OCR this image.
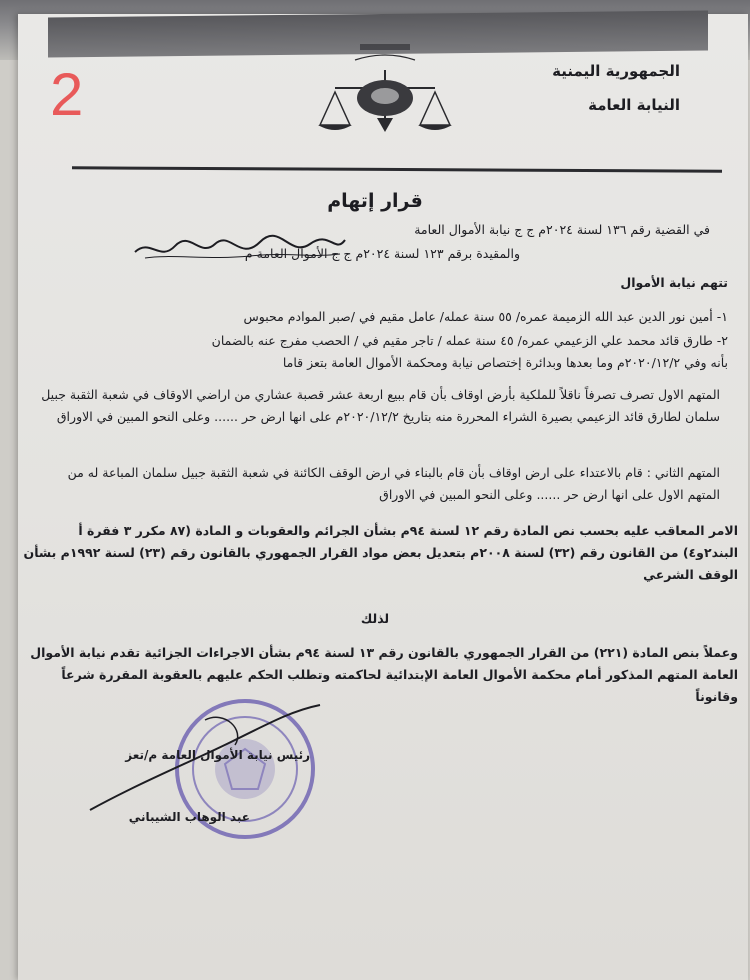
2	الجمهورية اليمنية
النيابة العامة
قرار إتهام
في القضية رقم ١٣٦ لسنة ٢٠٢٤م ج ج نيابة الأموال العامة
والمقيدة برقم ١٢٣ لسنة ٢٠٢٤م ج ج الأموال العامة م
تتهم نيابة الأموال
١- أمين نور الدين عبد الله الزميمة عمره/ ٥٥ سنة عمله/ عامل مقيم في /صبر الموادم محبوس
٢- طارق قائد محمد علي الزعيمي عمره/ ٤٥ سنة عمله / تاجر مقيم في / الحصب مفرج عنه بالضمان
بأنه وفي ٢٠٢٠/١٢/٢م وما بعدها وبدائرة إختصاص نيابة ومحكمة الأموال العامة بتعز قاما
المتهم الاول تصرف تصرفاً ناقلاً للملكية بأرض اوقاف بأن قام ببيع اربعة عشر قصبة عشاري من اراضي الاوقاف في شعبة الثقبة جبيل سلمان لطارق قائد الزعيمي بصيرة الشراء المحررة منه بتاريخ ٢٠٢٠/١٢/٢م على انها ارض حر ...... وعلى النحو المبين في الاوراق
المتهم الثاني : قام بالاعتداء على ارض اوقاف بأن قام بالبناء في ارض الوقف الكائنة في شعبة الثقبة جبيل سلمان المباعة له من المتهم الاول على انها ارض حر ...... وعلى النحو المبين في الاوراق
الامر المعاقب عليه بحسب نص المادة رقم ١٢ لسنة ٩٤م بشأن الجرائم والعقوبات و المادة (٨٧ مكرر ٣ فقرة أ البند٢و٤) من القانون رقم (٣٢) لسنة ٢٠٠٨م بتعديل بعض مواد القرار الجمهوري بالقانون رقم (٢٣) لسنة ١٩٩٢م بشأن الوقف الشرعي
لذلك
وعملاً بنص المادة (٢٢١) من القرار الجمهوري بالقانون رقم ١٣ لسنة ٩٤م بشأن الاجراءات الجزائية تقدم نيابة الأموال العامة المتهم المذكور أمام محكمة الأموال العامة الإبتدائية لحاكمته وتطلب الحكم عليهم بالعقوبة المقررة شرعاً وقانوناً
رئيس نيابة الأموال العامة م/تعز
عبد الوهاب الشيباني
